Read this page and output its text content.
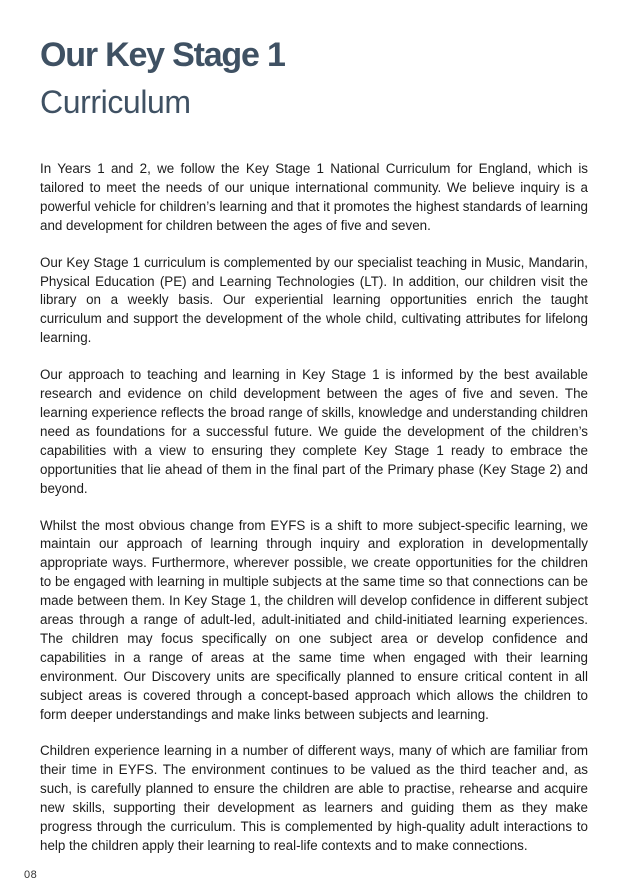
Our Key Stage 1
Curriculum

In Years 1 and 2, we follow the Key Stage 1 National Curriculum for England, which is tailored to meet the needs of our unique international community. We believe inquiry is a powerful vehicle for children’s learning and that it promotes the highest standards of learning and development for children between the ages of five and seven.

Our Key Stage 1 curriculum is complemented by our specialist teaching in Music, Mandarin, Physical Education (PE) and Learning Technologies (LT). In addition, our children visit the library on a weekly basis. Our experiential learning opportunities enrich the taught curriculum and support the development of the whole child, cultivating attributes for lifelong learning.

Our approach to teaching and learning in Key Stage 1 is informed by the best available research and evidence on child development between the ages of five and seven. The learning experience reflects the broad range of skills, knowledge and understanding children need as foundations for a successful future. We guide the development of the children’s capabilities with a view to ensuring they complete Key Stage 1 ready to embrace the opportunities that lie ahead of them in the final part of the Primary phase (Key Stage 2) and beyond.

Whilst the most obvious change from EYFS is a shift to more subject-specific learning, we maintain our approach of learning through inquiry and exploration in developmentally appropriate ways. Furthermore, wherever possible, we create opportunities for the children to be engaged with learning in multiple subjects at the same time so that connections can be made between them. In Key Stage 1, the children will develop confidence in different subject areas through a range of adult-led, adult-initiated and child-initiated learning experiences. The children may focus specifically on one subject area or develop confidence and capabilities in a range of areas at the same time when engaged with their learning environment. Our Discovery units are specifically planned to ensure critical content in all subject areas is covered through a concept-based approach which allows the children to form deeper understandings and make links between subjects and learning.

Children experience learning in a number of different ways, many of which are familiar from their time in EYFS. The environment continues to be valued as the third teacher and, as such, is carefully planned to ensure the children are able to practise, rehearse and acquire new skills, supporting their development as learners and guiding them as they make progress through the curriculum. This is complemented by high-quality adult interactions to help the children apply their learning to real-life contexts and to make connections.

08
